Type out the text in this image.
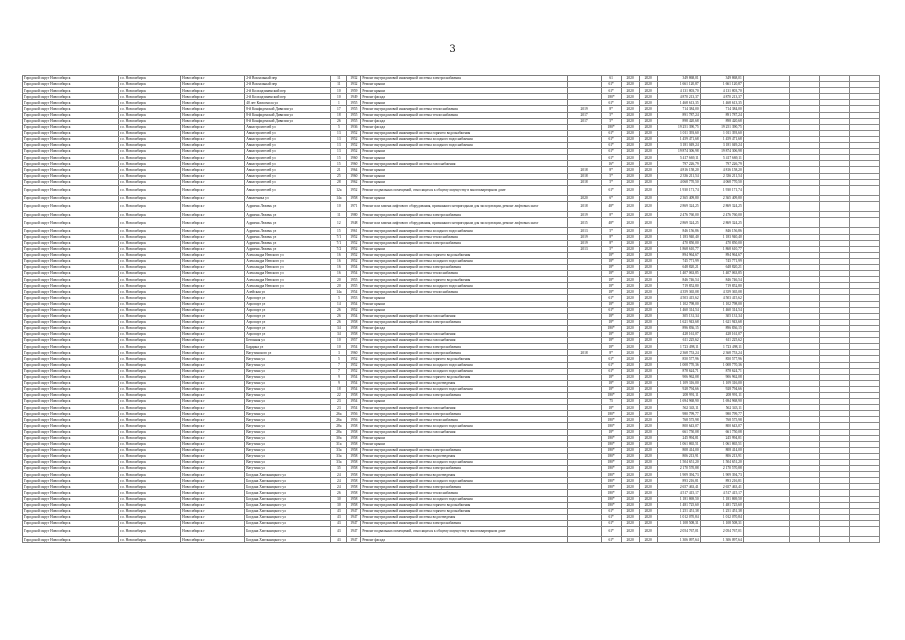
3
Городской округ Новосибирск	г.о. Новосибирск	Новосибирск г	2-й Вокзальный пер	11	1932	Ремонт внутридомовой инженерной системы электроснабжения		61	2020	2020	349 868,01	349 868,01				
Городской округ Новосибирск	г.о. Новосибирск	Новосибирск г	2-й Вокзальный пер	11	1932	Ремонт крыши		61*	2020	2020	1 661 120,87	1 661 120,87				
Городской округ Новосибирск	г.о. Новосибирск	Новосибирск г	2-й Колхидзиненский пер	10	1959	Ремонт крыши		61*	2020	2020	4 131 803,70	4 131 803,70				
Городской округ Новосибирск	г.о. Новосибирск	Новосибирск г	2-й Колхидзиненский пер	10	1949	Ремонт фасада		180*	2020	2020	4 870 213,37	4 870 213,37				
Городской округ Новосибирск	г.о. Новосибирск	Новосибирск г	40 лет Комсомола ул	1	1955	Ремонт крыши		61*	2020	2020	1 468 613,35	1 468 613,35				
Городской округ Новосибирск	г.о. Новосибирск	Новосибирск г	8-й Конфиденской Дивизии ул	17	1955	Ремонт внутридомовой инженерной системы теплоснабжения	2019	8*	2020	2020	714 384,00	714 384,00				
Городской округ Новосибирск	г.о. Новосибирск	Новосибирск г	8-й Конфиденской Дивизии ул	18	1955	Ремонт внутридомовой инженерной системы теплоснабжения	2017	5*	2020	2020	891 787,24	891 787,24				
Городской округ Новосибирск	г.о. Новосибирск	Новосибирск г	8-й Конфиденской Дивизии ул	26	1955	Ремонт фасада	2017	5*	2020	2020	898 420,68	898 420,68				
Городской округ Новосибирск	г.о. Новосибирск	Новосибирск г	Авиастроителей ул	5	1936	Ремонт фасада		180*	2020	2020	19 251 390,75	19 251 390,75				
Городской округ Новосибирск	г.о. Новосибирск	Новосибирск г	Авиастроителей ул	13	1952	Ремонт внутридомовой инженерной системы горячего водоснабжения		61*	2020	2020	1 011 393,60	1 011 393,60				
Городской округ Новосибирск	г.о. Новосибирск	Новосибирск г	Авиастроителей ул	13	1952	Ремонт внутридомовой инженерной системы холодного водоснабжения		61*	2020	2020	1 459 471,68	1 459 471,68				
Городской округ Новосибирск	г.о. Новосибирск	Новосибирск г	Авиастроителей ул	13	1952	Ремонт внутридомовой инженерной системы холодного водоснабжения		61*	2020	2020	3 181 049,24	3 181 049,24				
Городской округ Новосибирск	г.о. Новосибирск	Новосибирск г	Авиастроителей ул	13	1952	Ремонт крыши		61*	2020	2020	19 874 306,98	19 874 306,98				
Городской округ Новосибирск	г.о. Новосибирск	Новосибирск г	Авиастроителей ул	15	1960	Ремонт крыши		61*	2020	2020	5 417 669,11	5 417 669,11				
Городской округ Новосибирск	г.о. Новосибирск	Новосибирск г	Авиастроителей ул	15	1960	Ремонт внутридомовой инженерной системы газоснабжения		16*	2020	2020	797 226,79	797 226,79				
Городской округ Новосибирск	г.о. Новосибирск	Новосибирск г	Авиастроителей ул	21	1964	Ремонт крыши	2018	8*	2020	2020	4 816 158,20	4 816 158,20				
Городской округ Новосибирск	г.о. Новосибирск	Новосибирск г	Авиастроителей ул	25	1960	Ремонт крыши	2018	5*	2020	2020	2 336 211,54	2 336 211,54				
Городской округ Новосибирск	г.о. Новосибирск	Новосибирск г	Авиастроителей ул	28	1962	Ремонт крыши	2018	5*	2020	2020	4 068 770,50	4 068 770,50				
Городской округ Новосибирск	г.о. Новосибирск	Новосибирск г	Авиастроителей ул	12а	1952	Ремонт подвальных помещений, относящихся к общему имуществу в многоквартирном доме		61*	2020	2020	1 930 171,74	1 930 171,74				
Городской округ Новосибирск	г.о. Новосибирск	Новосибирск г	Авиагеника ул	14а	1958	Ремонт крыши	2020	6*	2020	2020	2 365 409,80	2 365 409,80				
Городской округ Новосибирск	г.о. Новосибирск	Новосибирск г	Адриена Лежень ул	10	1971	Ремонт или замена лифтового оборудования, признанного непригодным для эксплуатации, ремонт лифтовых шахт	2018	48*	2020	2020	2 869 324,25	2 869 324,25				
Городской округ Новосибирск	г.о. Новосибирск	Новосибирск г	Адриена Лежень ул	11	1980	Ремонт внутридомовой инженерной системы электроснабжения	2019	8*	2020	2020	2 476 760,00	2 476 760,00				
Городской округ Новосибирск	г.о. Новосибирск	Новосибирск г	Адриена Лежень ул	12	1948	Ремонт или замена лифтового оборудования, признанного непригодным для эксплуатации, ремонт лифтовых шахт	2015	48*	2020	2020	2 869 324,25	2 869 324,25				
Городской округ Новосибирск	г.о. Новосибирск	Новосибирск г	Адриена Лежень ул	15	1961	Ремонт внутридомовой инженерной системы холодного водоснабжения	2013	5*	2020	2020	846 156,86	846 156,86				
Городской округ Новосибирск	г.о. Новосибирск	Новосибирск г	Адриена Лежень ул	7/1	1952	Ремонт внутридомовой инженерной системы теплоснабжения	2019	8*	2020	2020	1 183 940,40	1 183 940,40				
Городской округ Новосибирск	г.о. Новосибирск	Новосибирск г	Адриена Лежень ул	7/1	1952	Ремонт внутридомовой инженерной системы электроснабжения	2019	8*	2020	2020	470 850,00	470 850,00				
Городской округ Новосибирск	г.о. Новосибирск	Новосибирск г	Адриена Лежень ул	7/2	1952	Ремонт крыши	2013	5*	2020	2020	1 868 610,77	1 868 610,77				
Городской округ Новосибирск	г.о. Новосибирск	Новосибирск г	Александра Невского ул	16	1952	Ремонт внутридомовой инженерной системы горячего водоснабжения		18*	2020	2020	894 964,67	894 964,67				
Городской округ Новосибирск	г.о. Новосибирск	Новосибирск г	Александра Невского ул	16	1952	Ремонт внутридомовой инженерной системы холодного водоснабжения		18*	2020	2020	745 771,99	745 771,99				
Городской округ Новосибирск	г.о. Новосибирск	Новосибирск г	Александра Невского ул	16	1954	Ремонт внутридомовой инженерной системы электроснабжения		18*	2020	2020	648 820,21	648 820,21				
Городской округ Новосибирск	г.о. Новосибирск	Новосибирск г	Александра Невского ул	16	1954	Ремонт внутридомовой инженерной системы теплоснабжения		18*	2020	2020	1 407 063,85	1 407 063,85				
Городской округ Новосибирск	г.о. Новосибирск	Новосибирск г	Александра Невского ул	20	1955	Ремонт внутридомовой инженерной системы горячего водоснабжения		18*	2020	2020	846 746,54	846 746,54				
Городской округ Новосибирск	г.о. Новосибирск	Новосибирск г	Александра Невского ул	20	1955	Ремонт внутридомовой инженерной системы холодного водоснабжения		18*	2020	2020	719 852,80	719 852,80				
Городской округ Новосибирск	г.о. Новосибирск	Новосибирск г	Алейская ул	14а	1954	Ремонт внутридомовой инженерной системы теплоснабжения		18*	2020	2020	4 359 365,08	4 359 365,08				
Городской округ Новосибирск	г.о. Новосибирск	Новосибирск г	Аэропорт ул	5	1953	Ремонт крыши		61*	2020	2020	4 503 415,62	4 503 415,62				
Городской округ Новосибирск	г.о. Новосибирск	Новосибирск г	Аэропорт ул	14	1954	Ремонт крыши		18*	2020	2020	1 102 798,00	1 102 798,00				
Городской округ Новосибирск	г.о. Новосибирск	Новосибирск г	Аэропорт ул	26	1952	Ремонт крыши		61*	2020	2020	1 460 314,54	1 460 314,54				
Городской округ Новосибирск	г.о. Новосибирск	Новосибирск г	Аэропорт ул	26	1954	Ремонт внутридомовой инженерной системы газоснабжения		18*	2020	2020	305 131,34	305 131,34				
Городской округ Новосибирск	г.о. Новосибирск	Новосибирск г	Аэропорт ул	26	1958	Ремонт внутридомовой инженерной системы электроснабжения		18*	2020	2020	1 621 943,68	1 621 943,68				
Городской округ Новосибирск	г.о. Новосибирск	Новосибирск г	Аэропорт ул	34	1958	Ремонт фасада		180*	2020	2020	896 836,15	896 836,15				
Городской округ Новосибирск	г.о. Новосибирск	Новосибирск г	Аэропорт ул	34	1958	Ремонт внутридомовой инженерной системы газоснабжения		18*	2020	2020	428 161,07	428 161,07				
Городской округ Новосибирск	г.о. Новосибирск	Новосибирск г	Бетонная ул	10	1957	Ремонт внутридомовой инженерной системы газоснабжения		18*	2020	2020	611 225,62	611 225,62				
Городской округ Новосибирск	г.о. Новосибирск	Новосибирск г	Бардина ул	10	1954	Ремонт внутридомовой инженерной системы электроснабжения		18*	2020	2020	1 723 498,11	1 723 498,11				
Городской округ Новосибирск	г.о. Новосибирск	Новосибирск г	Ватутинского ул	3	1960	Ремонт внутридомовой инженерной системы электроснабжения	2018	8*	2020	2020	2 368 753,24	2 368 753,24				
Городской округ Новосибирск	г.о. Новосибирск	Новосибирск г	Ватутина ул	5	1952	Ремонт внутридомовой инженерной системы горячего водоснабжения		61*	2020	2020	850 577,96	850 577,96				
Городской округ Новосибирск	г.о. Новосибирск	Новосибирск г	Ватутина ул	7	1952	Ремонт внутридомовой инженерной системы холодного водоснабжения		61*	2020	2020	1 008 770,36	1 008 770,36				
Городской округ Новосибирск	г.о. Новосибирск	Новосибирск г	Ватутина ул	7	1952	Ремонт внутридомовой инженерной системы холодного водоснабжения		61*	2020	2020	878 624,71	878 624,71				
Городской округ Новосибирск	г.о. Новосибирск	Новосибирск г	Ватутина ул	9	1954	Ремонт внутридомовой инженерной системы горячего водоснабжения		18*	2020	2020	906 962,08	906 962,08				
Городской округ Новосибирск	г.о. Новосибирск	Новосибирск г	Ватутина ул	9	1954	Ремонт внутридомовой инженерной системы водоотведения		18*	2020	2020	1 109 316,00	1 109 316,00				
Городской округ Новосибирск	г.о. Новосибирск	Новосибирск г	Ватутина ул	18	1954	Ремонт внутридомовой инженерной системы холодного водоснабжения		18*	2020	2020	928 794,66	928 794,66				
Городской округ Новосибирск	г.о. Новосибирск	Новосибирск г	Ватутина ул	22	1958	Ремонт внутридомовой инженерной системы электроснабжения		180*	2020	2020	208 991,11	208 991,11				
Городской округ Новосибирск	г.о. Новосибирск	Новосибирск г	Ватутина ул	23	1954	Ремонт крыши		75	2020	2020	1 694 968,90	1 694 968,90				
Городской округ Новосибирск	г.о. Новосибирск	Новосибирск г	Ватутина ул	23	1954	Ремонт внутридомовой инженерной системы газоснабжения		18*	2020	2020	562 343,11	562 343,11				
Городской округ Новосибирск	г.о. Новосибирск	Новосибирск г	Ватутина ул	26а	1956	Ремонт внутридомовой инженерной системы электроснабжения		180*	2020	2020	980 799,77	980 799,77				
Городской округ Новосибирск	г.о. Новосибирск	Новосибирск г	Ватутина ул	26а	1956	Ремонт внутридомовой инженерной системы теплоснабжения		180*	2020	2020	768 575,98	768 575,98				
Городской округ Новосибирск	г.о. Новосибирск	Новосибирск г	Ватутина ул	28а	1958	Ремонт внутридомовой инженерной системы холодного водоснабжения		180*	2020	2020	800 643,07	800 643,07				
Городской округ Новосибирск	г.о. Новосибирск	Новосибирск г	Ватутина ул	28а	1958	Ремонт внутридомовой инженерной системы газоснабжения		18*	2020	2020	661 750,08	661 750,08				
Городской округ Новосибирск	г.о. Новосибирск	Новосибирск г	Ватутина ул	30а	1958	Ремонт крыши		180*	2020	2020	245 994,81	245 994,81				
Городской округ Новосибирск	г.о. Новосибирск	Новосибирск г	Ватутина ул	31а	1958	Ремонт крыши		180*	2020	2020	1 061 865,51	1 061 865,51				
Городской округ Новосибирск	г.о. Новосибирск	Новосибирск г	Ватутина ул	33а	1958	Ремонт внутридомовой инженерной системы электроснабжения		180*	2020	2020	808 414,00	808 414,00				
Городской округ Новосибирск	г.о. Новосибирск	Новосибирск г	Ватутина ул	33а	1958	Ремонт внутридомовой инженерной системы водоотведения		180*	2020	2020	806 213,91	806 213,91				
Городской округ Новосибирск	г.о. Новосибирск	Новосибирск г	Ватутина ул	33а	1958	Ремонт внутридомовой инженерной системы холодного водоснабжения		180*	2020	2020	1 504 651,20	1 504 651,20				
Городской округ Новосибирск	г.о. Новосибирск	Новосибирск г	Ватутина ул	35	1958	Ремонт внутридомовой инженерной системы электроснабжения		180*	2020	2020	2 170 570,88	2 170 570,88				
Городской округ Новосибирск	г.о. Новосибирск	Новосибирск г	Богдана Хмельницкого ул	24	1958	Ремонт внутридомовой инженерной системы водоотведения		180*	2020	2020	1 909 394,73	1 909 394,73				
Городской округ Новосибирск	г.о. Новосибирск	Новосибирск г	Богдана Хмельницкого ул	24	1958	Ремонт внутридомовой инженерной системы холодного водоснабжения		180*	2020	2020	893 216,81	893 216,81				
Городской округ Новосибирск	г.о. Новосибирск	Новосибирск г	Богдана Хмельницкого ул	24	1958	Ремонт внутридомовой инженерной системы электроснабжения		180*	2020	2020	2 657 463,41	2 657 463,41				
Городской округ Новосибирск	г.о. Новосибирск	Новосибирск г	Богдана Хмельницкого ул	26	1958	Ремонт внутридомовой инженерной системы теплоснабжения		180*	2020	2020	4 517 415,17	4 517 415,17				
Городской округ Новосибирск	г.о. Новосибирск	Новосибирск г	Богдана Хмельницкого ул	30	1958	Ремонт внутридомовой инженерной системы холодного водоснабжения		180*	2020	2020	1 181 869,50	1 181 869,50				
Городской округ Новосибирск	г.о. Новосибирск	Новосибирск г	Богдана Хмельницкого ул	30	1958	Ремонт внутридомовой инженерной системы горячего водоснабжения		180*	2020	2020	1 481 725,60	1 481 725,60				
Городской округ Новосибирск	г.о. Новосибирск	Новосибирск г	Богдана Хмельницкого ул	43	1947	Ремонт внутридомовой инженерной системы горячего водоснабжения		61*	2020	2020	1 251 451,38	1 251 451,38				
Городской округ Новосибирск	г.о. Новосибирск	Новосибирск г	Богдана Хмельницкого ул	43	1947	Ремонт внутридомовой инженерной системы водоотведения		61*	2020	2020	1 012 070,84	1 012 070,84				
Городской округ Новосибирск	г.о. Новосибирск	Новосибирск г	Богдана Хмельницкого ул	43	1947	Ремонт внутридомовой инженерной системы электроснабжения		61*	2020	2020	1 108 508,31	1 108 508,31				
Городской округ Новосибирск	г.о. Новосибирск	Новосибирск г	Богдана Хмельницкого ул	43	1947	Ремонт подвальных помещений, относящихся к общему имуществу в многоквартирном доме		61*	2020	2020	2 054 767,01	2 054 767,01				
Городской округ Новосибирск	г.о. Новосибирск	Новосибирск г	Богдана Хмельницкого ул	43	1947	Ремонт фасада		61*	2020	2020	1 306 097,64	1 306 097,64				
